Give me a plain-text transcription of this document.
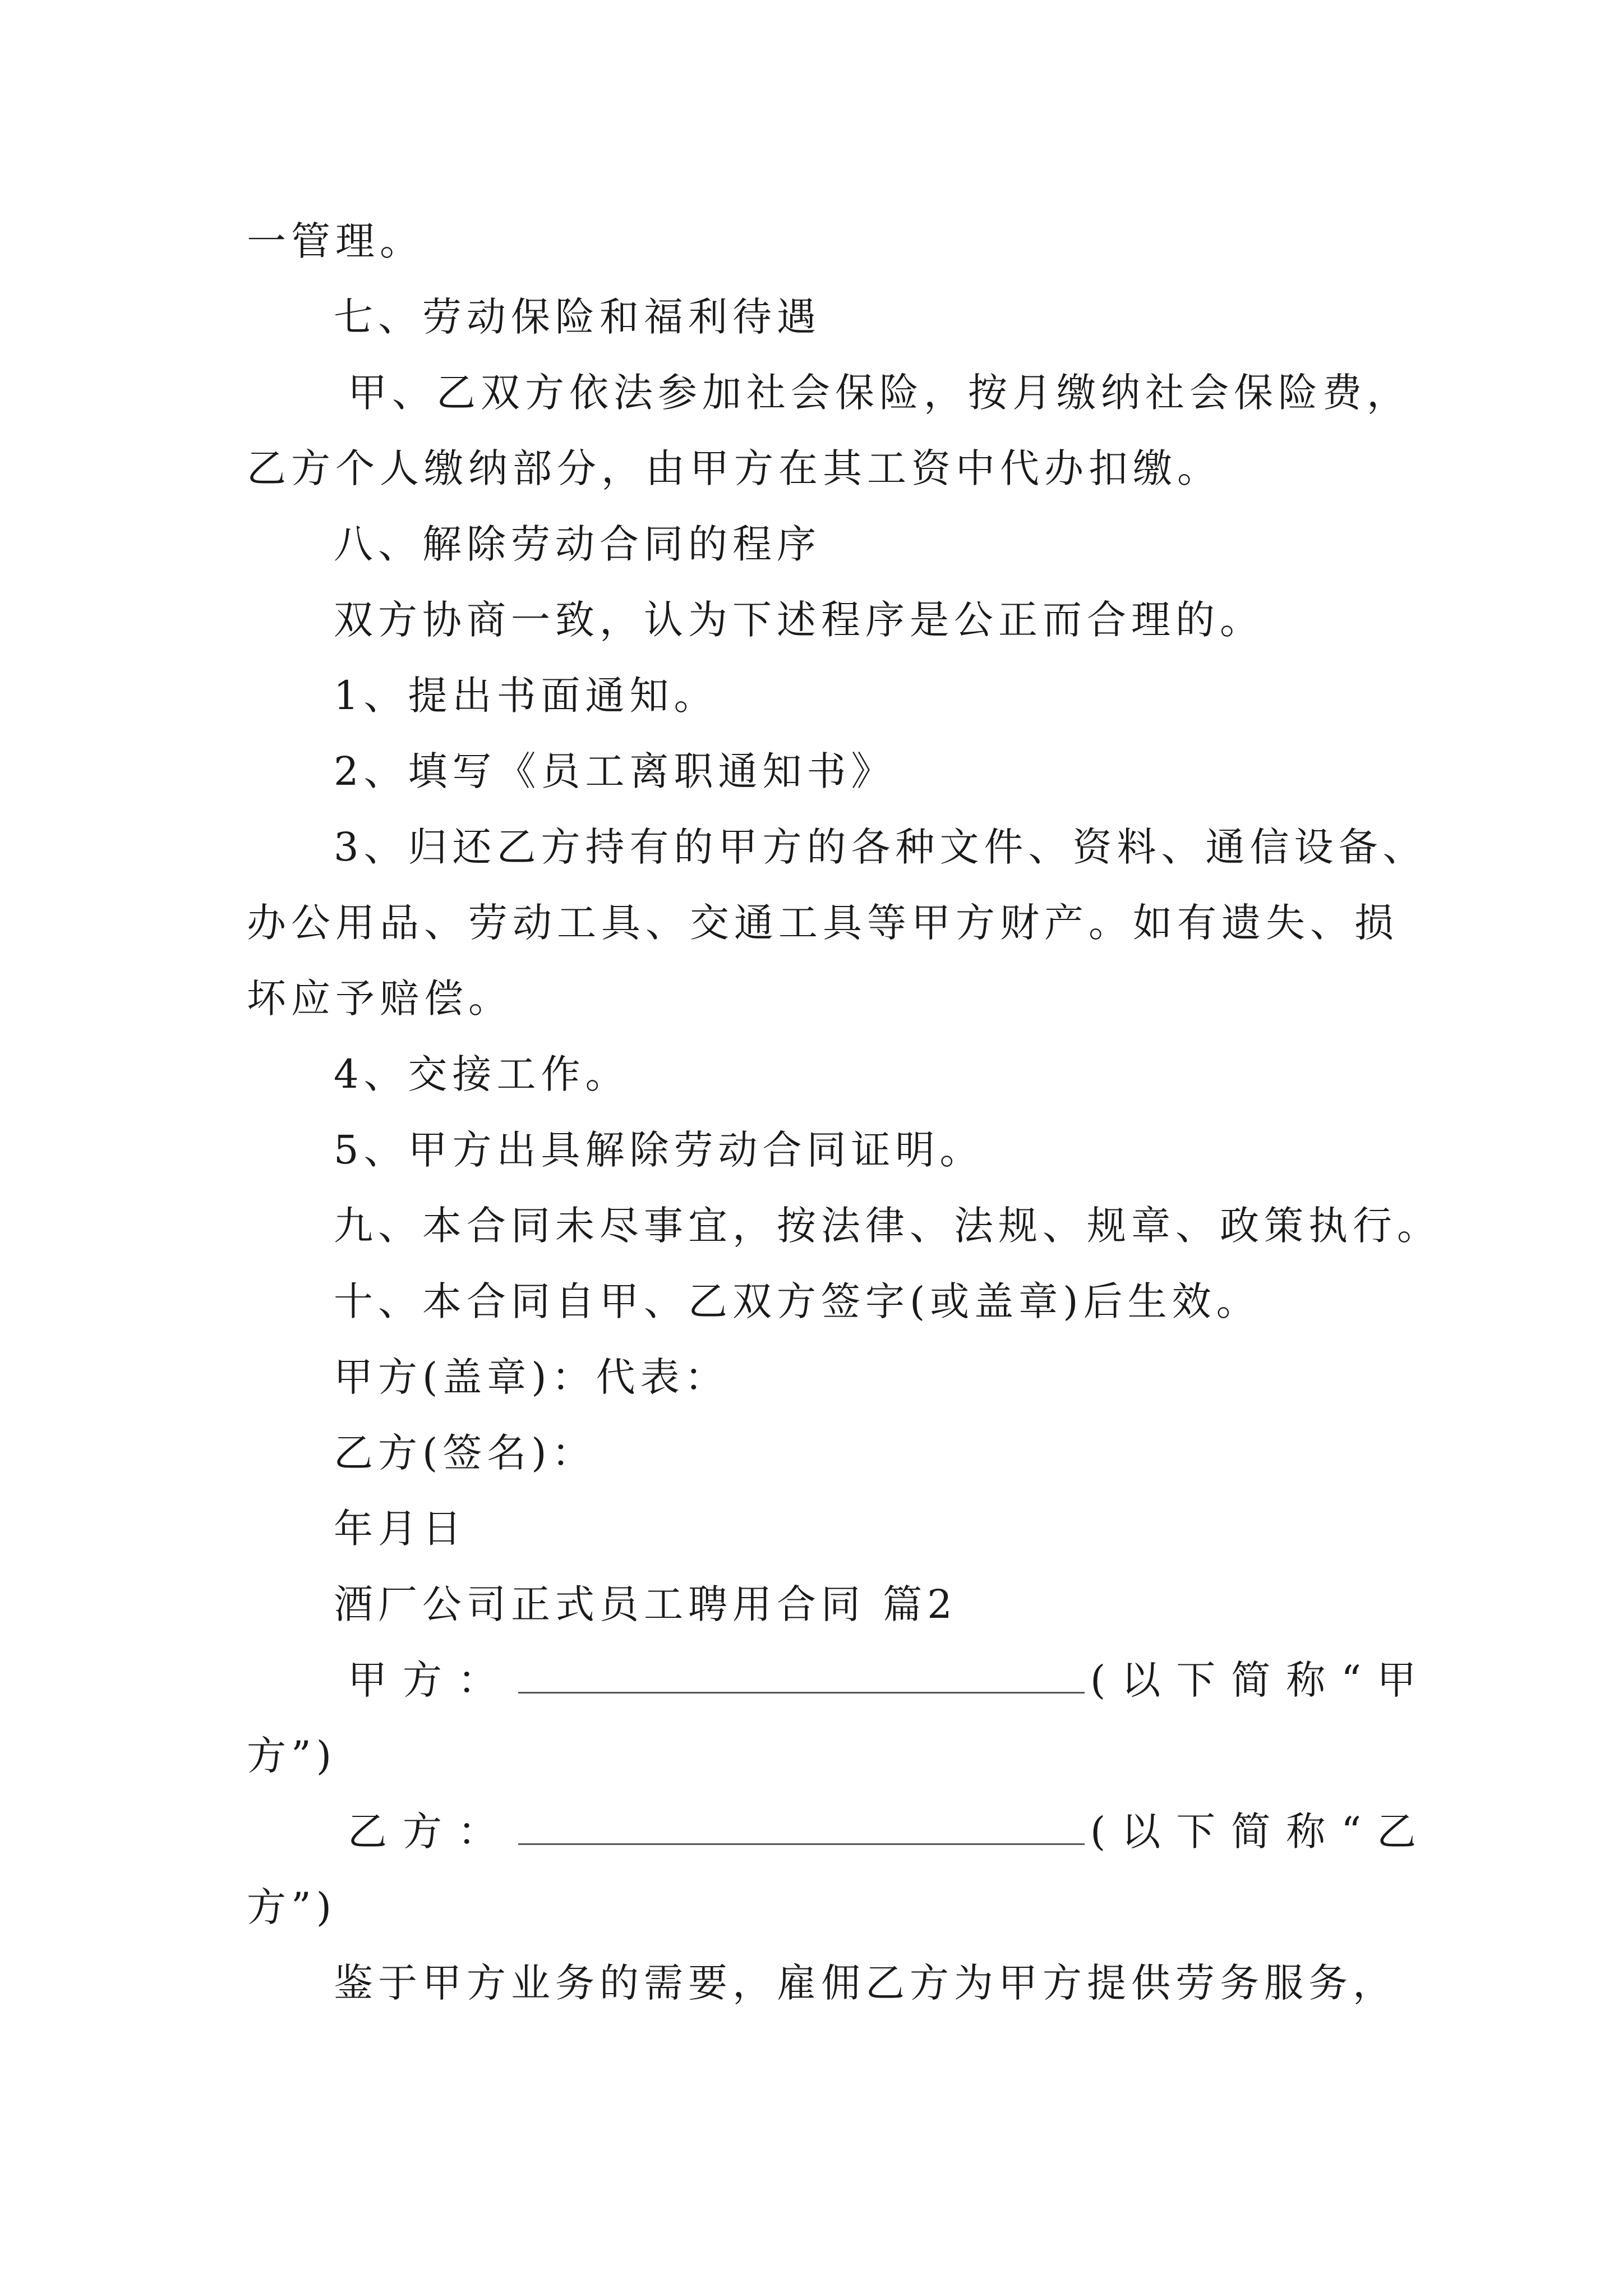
一管理。
七、劳动保险和福利待遇
甲、乙双方依法参加社会保险，按月缴纳社会保险费，
乙方个人缴纳部分，由甲方在其工资中代办扣缴。
八、解除劳动合同的程序
双方协商一致，认为下述程序是公正而合理的。
1、提出书面通知。
2、填写《员工离职通知书》
3、归还乙方持有的甲方的各种文件、资料、通信设备、
办公用品、劳动工具、交通工具等甲方财产。如有遗失、损
坏应予赔偿。
4、交接工作。
5、甲方出具解除劳动合同证明。
九、本合同未尽事宜，按法律、法规、规章、政策执行。
十、本合同自甲、乙双方签字(或盖章)后生效。
甲方(盖章)：代表：
乙方(签名)：
年月日
酒厂公司正式员工聘用合同 篇2
甲方：	(以下简称“甲
方”)
乙方：	(以下简称“乙
方”)
鉴于甲方业务的需要，雇佣乙方为甲方提供劳务服务，
